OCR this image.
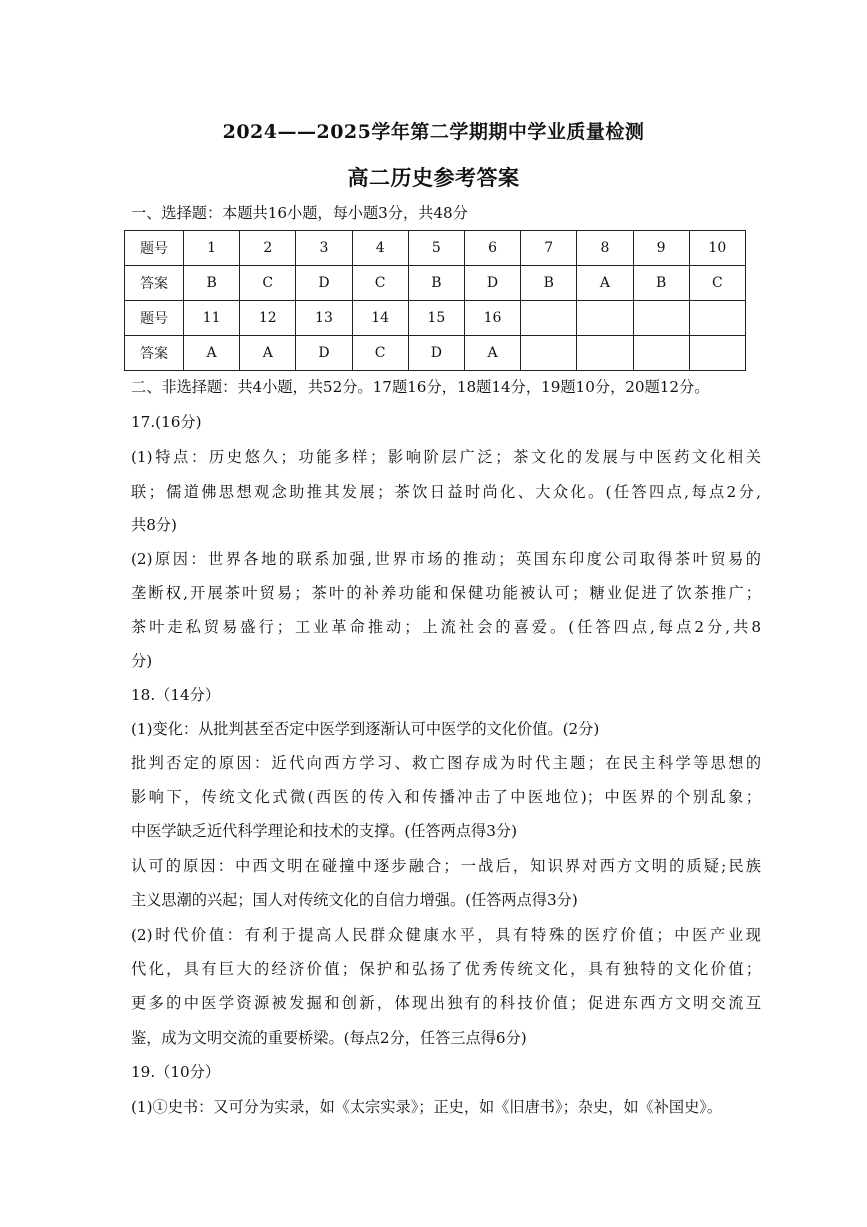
2024——2025学年第二学期期中学业质量检测
高二历史参考答案
一、选择题：本题共16小题，每小题3分，共48分
题号	1	2	3	4	5	6	7	8	9	10
答案	B	C	D	C	B	D	B	A	B	C
题号	11	12	13	14	15	16				
答案	A	A	D	C	D	A				
二、非选择题：共4小题，共52分。17题16分，18题14分，19题10分，20题12分。
17.(16分)
(1)特点：历史悠久；功能多样；影响阶层广泛；茶文化的发展与中医药文化相关
联；儒道佛思想观念助推其发展；茶饮日益时尚化、大众化。(任答四点,每点2分,
共8分)
(2)原因：世界各地的联系加强,世界市场的推动；英国东印度公司取得茶叶贸易的
垄断权,开展茶叶贸易；茶叶的补养功能和保健功能被认可；糖业促进了饮茶推广；
茶叶走私贸易盛行；工业革命推动；上流社会的喜爱。(任答四点,每点2分,共8
分)
18.（14分）
(1)变化：从批判甚至否定中医学到逐渐认可中医学的文化价值。(2分)
批判否定的原因：近代向西方学习、救亡图存成为时代主题；在民主科学等思想的
影响下，传统文化式微(西医的传入和传播冲击了中医地位)；中医界的个别乱象；
中医学缺乏近代科学理论和技术的支撑。(任答两点得3分)
认可的原因：中西文明在碰撞中逐步融合；一战后，知识界对西方文明的质疑;民族
主义思潮的兴起；国人对传统文化的自信力增强。(任答两点得3分)
(2)时代价值：有利于提高人民群众健康水平，具有特殊的医疗价值；中医产业现
代化，具有巨大的经济价值；保护和弘扬了优秀传统文化，具有独特的文化价值；
更多的中医学资源被发掘和创新，体现出独有的科技价值；促进东西方文明交流互
鉴，成为文明交流的重要桥梁。(每点2分，任答三点得6分)
19.（10分）
(1)①史书：又可分为实录，如《太宗实录》；正史，如《旧唐书》；杂史，如《补国史》。
